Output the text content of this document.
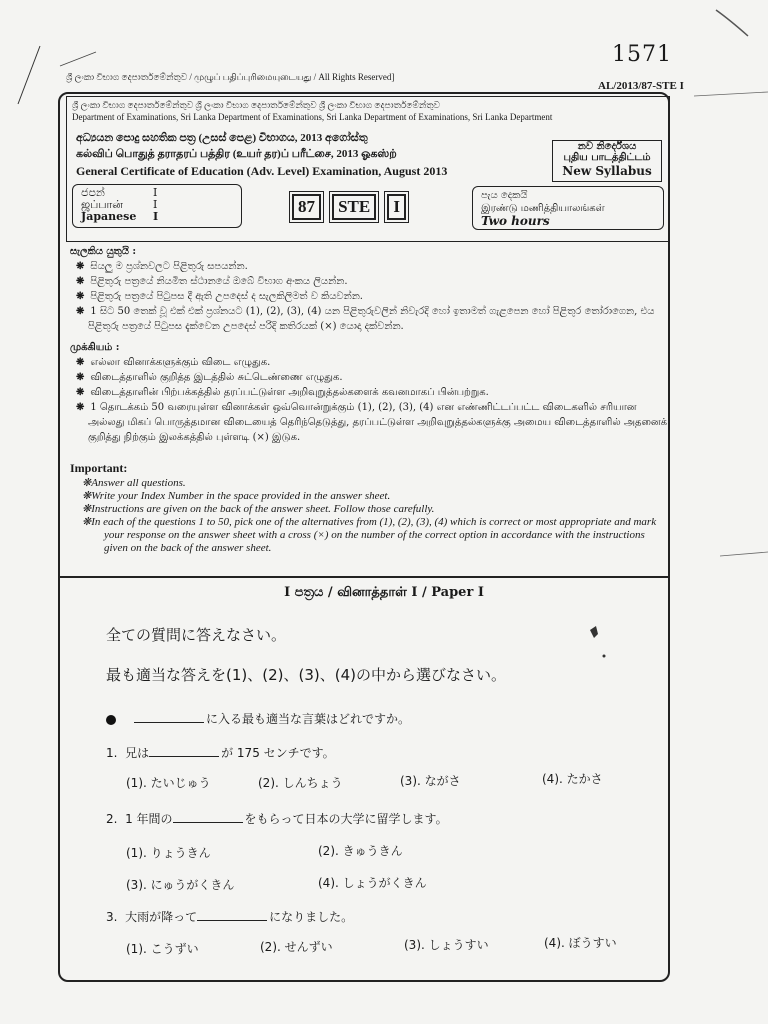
1571
ශ්‍රී ලංකා විභාග දෙපාර්තමේන්තුව / முழுப் பதிப்புரிமையுடையது / All Rights Reserved]
AL/2013/87-STE I
ශ්‍රී ලංකා විභාග දෙපාර්තමේන්තුව ශ්‍රී ලංකා විභාග දෙපාර්තමේන්තුව ශ්‍රී ලංකා විභාග දෙපාර්තමේන්තුව
Department of Examinations, Sri Lanka Department of Examinations, Sri Lanka Department of Examinations, Sri Lanka Department
අධ්‍යයන පොදු සහතික පත්‍ර (උසස් පෙළ) විභාගය, 2013 අගෝස්තු
கல்விப் பொதுத் தராதரப் பத்திர (உயர் தர)ப் பரீட்சை, 2013 ஓகஸ்ற்
General Certificate of Education (Adv. Level) Examination, August 2013
නව නිර්දේශය
புதிய பாடத்திட்டம்
New Syllabus
ජපන්	I
ஜப்பான்	I
Japanese I
87 STE I
පැය දෙකයි
இரண்டு மணித்தியாலங்கள்
Two hours
සැලකිය යුතුයි :
❋ සියලු ම ප්‍රශ්නවලට පිළිතුරු සපයන්න.
❋ පිළිතුරු පත්‍රයේ නියමිත ස්ථානයේ ඔබේ විභාග අංකය ලියන්න.
❋ පිළිතුරු පත්‍රයේ පිටුපස දී ඇති උපදෙස් ද සැලකිලිමත් ව කියවන්න.
❋ 1 සිට 50 තෙක් වූ එක් එක් ප්‍රශ්නයට (1), (2), (3), (4) යන පිළිතුරුවලින් නිවැරදි හෝ ඉතාමත් ගැළපෙන හෝ පිළිතුර තෝරාගෙන, එය පිළිතුරු පත්‍රයේ පිටුපස දැක්වෙන උපදෙස් පරිදි කතිරයක් (×) යොදා දක්වන්න.
முக்கியம் :
❋ எல்லா வினாக்களுக்கும் விடை எழுதுக.
❋ விடைத்தாளில் குறித்த இடத்தில் சுட்டெண்ணை எழுதுக.
❋ விடைத்தாளின் பிற்பக்கத்தில் தரப்பட்டுள்ள அறிவுறுத்தல்களைக் கவனமாகப் பின்பற்றுக.
❋ 1 தொடக்கம் 50 வரையுள்ள வினாக்கள் ஒவ்வொன்றுக்கும் (1), (2), (3), (4) என எண்ணிட்டப்பட்ட விடைகளில் சரியான அல்லது மிகப் பொருத்தமான விடையைத் தெரிந்தெடுத்து, தரப்பட்டுள்ள அறிவுறுத்தல்களுக்கு அமைய விடைத்தாளில் அதனைக் குறித்து நிற்கும் இலக்கத்தில் புள்ளடி (×) இடுக.
Important:
❋Answer all questions.
❋Write your Index Number in the space provided in the answer sheet.
❋Instructions are given on the back of the answer sheet. Follow those carefully.
❋In each of the questions 1 to 50, pick one of the alternatives from (1), (2), (3), (4) which is correct or most appropriate and mark your response on the answer sheet with a cross (×) on the number of the correct option in accordance with the instructions given on the back of the answer sheet.
I පත්‍රය / வினாத்தாள் I / Paper I
全ての質問に答えなさい。
最も適当な答えを(1)、(2)、(3)、(4)の中から選びなさい。
に入る最も適当な言葉はどれですか。
1. 兄は	が 175 センチです。
(1). たいじゅう	(2). しんちょう	(3). ながさ	(4). たかさ
2. 1 年間の	をもらって日本の大学に留学します。
(1). りょうきん	(2). きゅうきん
(3). にゅうがくきん	(4). しょうがくきん
3. 大雨が降って	になりました。
(1). こうずい	(2). せんずい	(3). しょうすい	(4). ぼうすい
